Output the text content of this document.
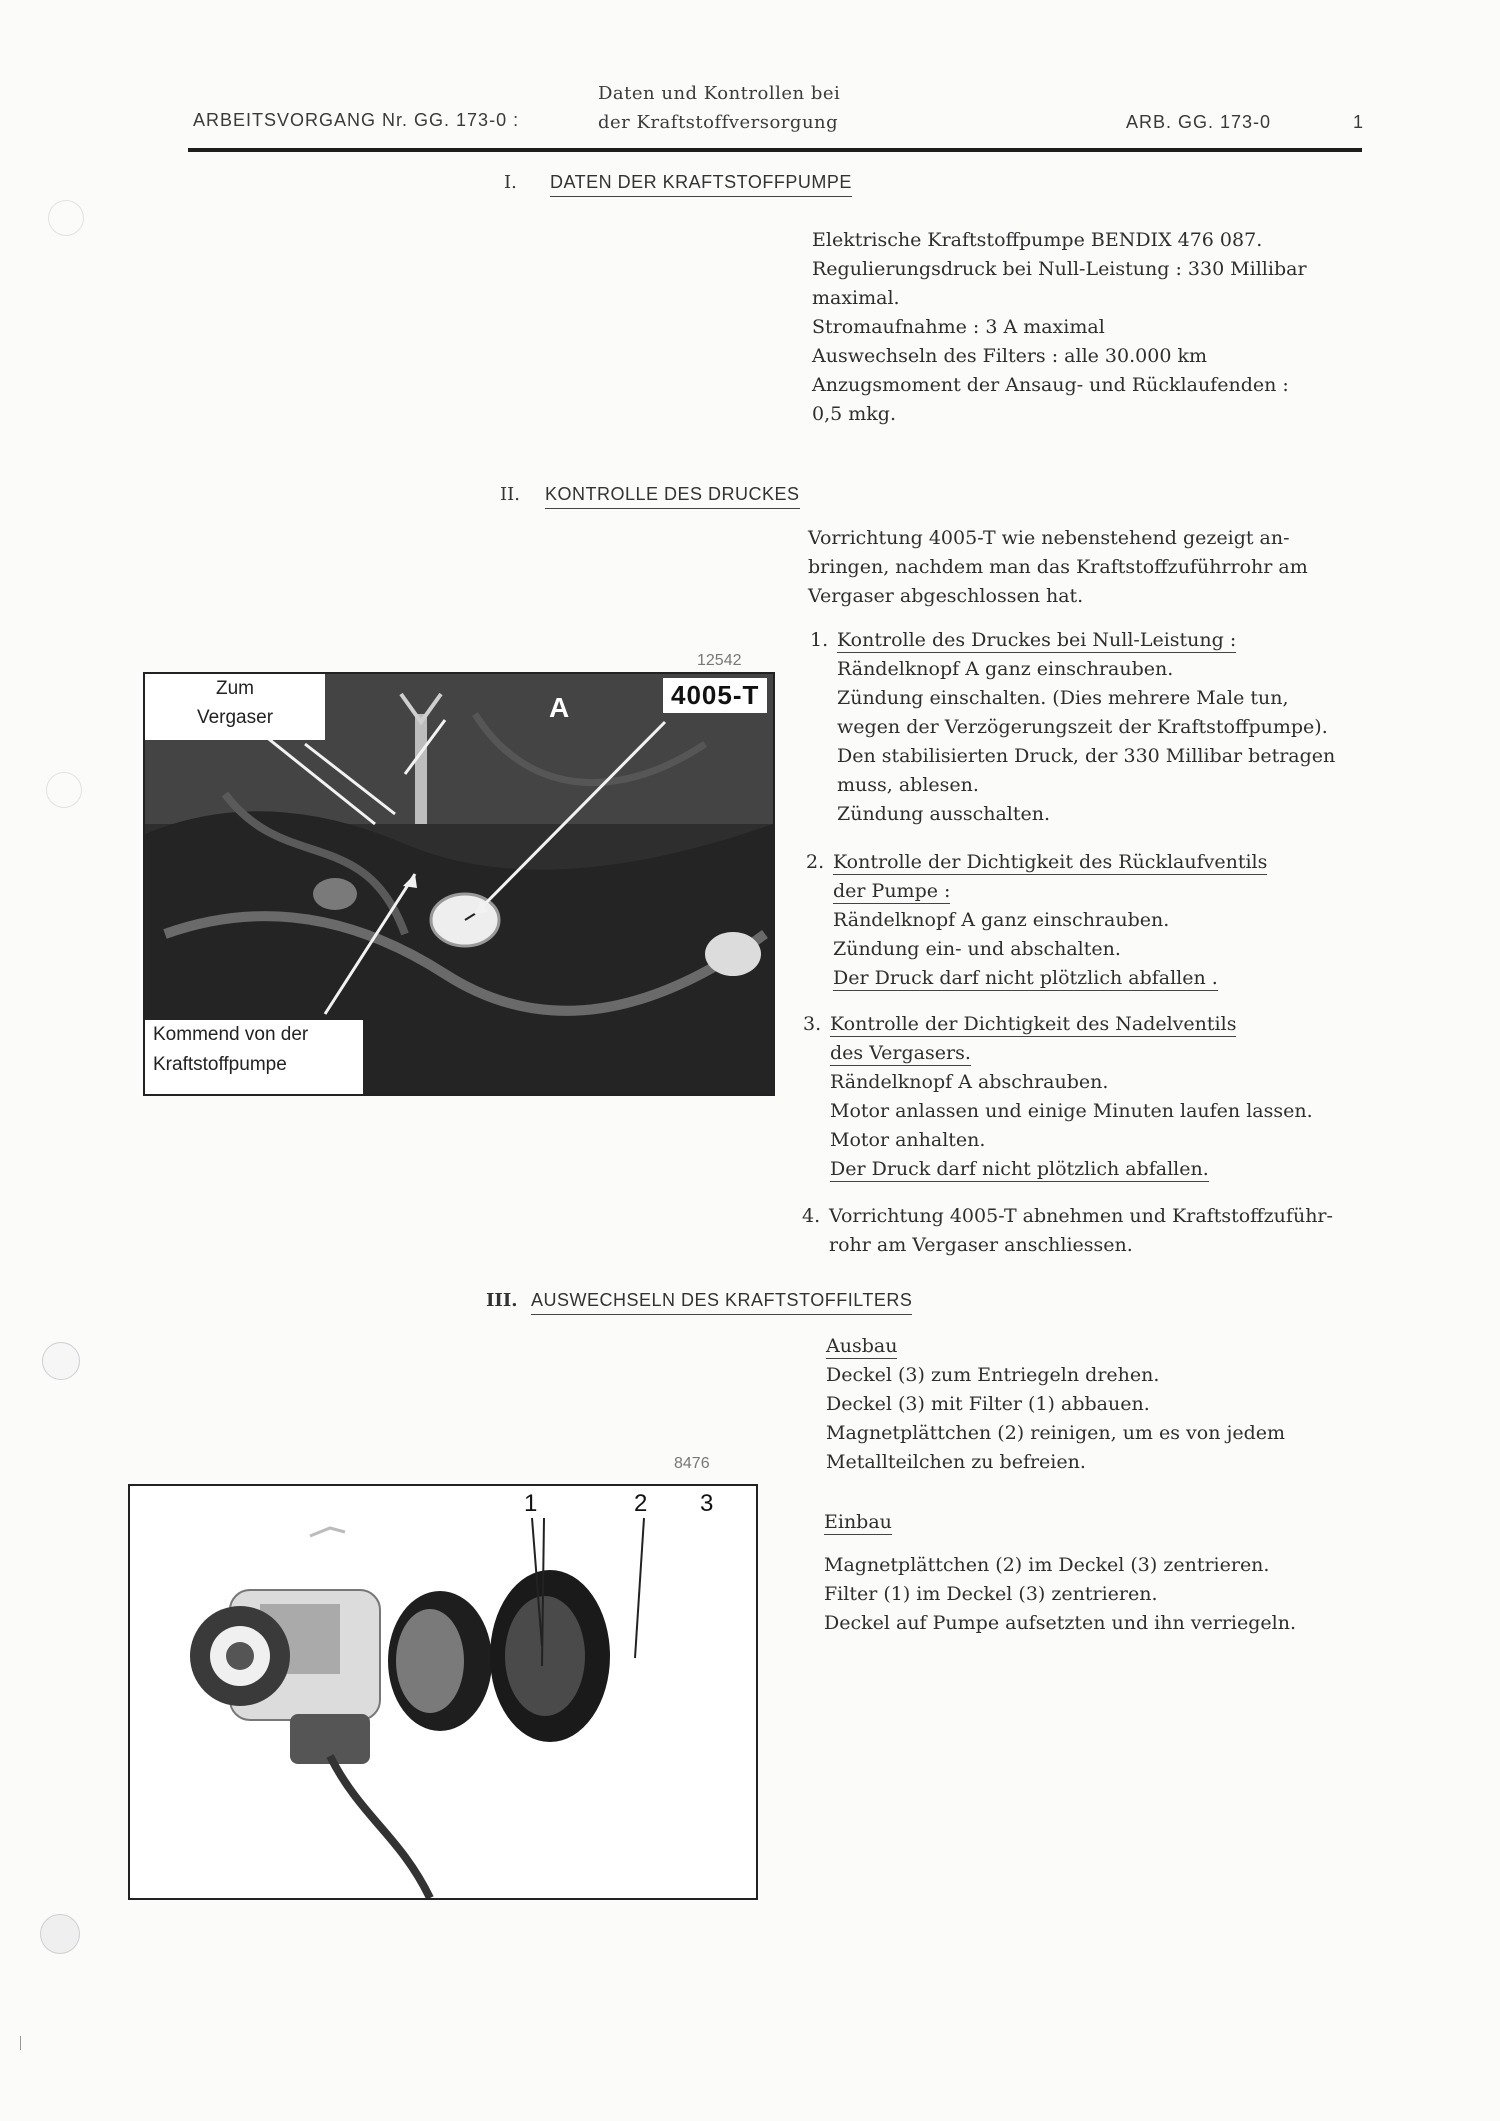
ARBEITSVORGANG Nr. GG. 173-0 :
Daten und Kontrollen bei
der Kraftstoffversorgung	ARB. GG. 173-0	1
I. DATEN DER KRAFTSTOFFPUMPE
Elektrische Kraftstoffpumpe BENDIX 476 087.
Regulierungsdruck bei Null-Leistung : 330 Millibar
maximal.
Stromaufnahme : 3 A maximal
Auswechseln des Filters : alle 30.000 km
Anzugsmoment der Ansaug- und Rücklaufenden :
0,5 mkg.
II. KONTROLLE DES DRUCKES
Vorrichtung 4005-T wie nebenstehend gezeigt an-
bringen, nachdem man das Kraftstoffzuführrohr am
Vergaser abgeschlossen hat.
12542
Zum
Vergaser	A	4005-T
Kommend von der
Kraftstoffpumpe
1. Kontrolle des Druckes bei Null-Leistung :
Rändelknopf A ganz einschrauben.
Zündung einschalten. (Dies mehrere Male tun,
wegen der Verzögerungszeit der Kraftstoffpumpe).
Den stabilisierten Druck, der 330 Millibar betragen
muss, ablesen.
Zündung ausschalten.
2. Kontrolle der Dichtigkeit des Rücklaufventils
der Pumpe :
Rändelknopf A ganz einschrauben.
Zündung ein- und abschalten.
Der Druck darf nicht plötzlich abfallen .
3. Kontrolle der Dichtigkeit des Nadelventils
des Vergasers.
Rändelknopf A abschrauben.
Motor anlassen und einige Minuten laufen lassen.
Motor anhalten.
Der Druck darf nicht plötzlich abfallen.
4. Vorrichtung 4005-T abnehmen und Kraftstoffzuführ-
rohr am Vergaser anschliessen.
III. AUSWECHSELN DES KRAFTSTOFFILTERS
Ausbau
Deckel (3) zum Entriegeln drehen.
Deckel (3) mit Filter (1) abbauen.
Magnetplättchen (2) reinigen, um es von jedem
Metallteilchen zu befreien.
Einbau
Magnetplättchen (2) im Deckel (3) zentrieren.
Filter (1) im Deckel (3) zentrieren.
Deckel auf Pumpe aufsetzten und ihn verriegeln.
8476
1	2 3
